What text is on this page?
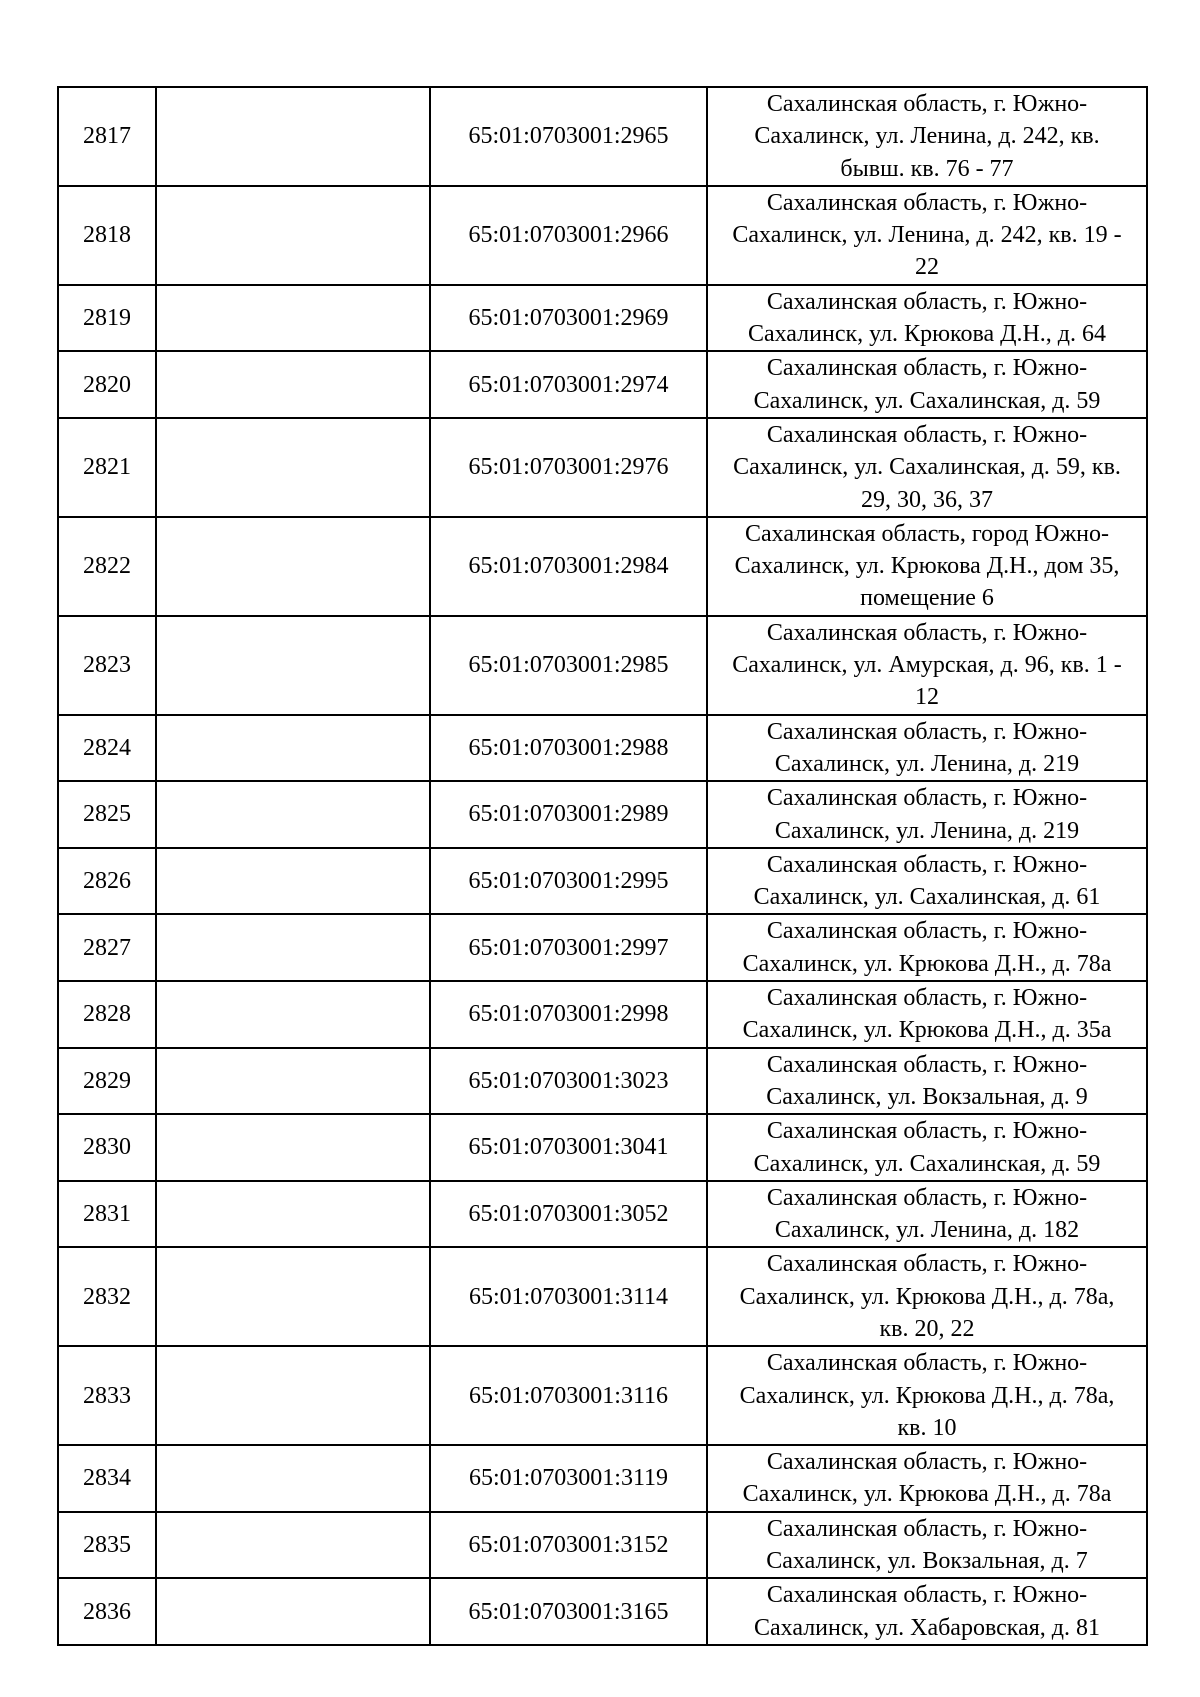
2817		65:01:0703001:2965	Сахалинская область, г. Южно-
Сахалинск, ул. Ленина, д. 242, кв.
бывш. кв. 76 - 77

2818		65:01:0703001:2966	Сахалинская область, г. Южно-
Сахалинск, ул. Ленина, д. 242, кв. 19 -
22

2819		65:01:0703001:2969	Сахалинская область, г. Южно-
Сахалинск, ул. Крюкова Д.Н., д. 64

2820		65:01:0703001:2974	Сахалинская область, г. Южно-
Сахалинск, ул. Сахалинская, д. 59

2821		65:01:0703001:2976	Сахалинская область, г. Южно-
Сахалинск, ул. Сахалинская, д. 59, кв.
29, 30, 36, 37

2822		65:01:0703001:2984	Сахалинская область, город Южно-
Сахалинск, ул. Крюкова Д.Н., дом 35,
помещение 6

2823		65:01:0703001:2985	Сахалинская область, г. Южно-
Сахалинск, ул. Амурская, д. 96, кв. 1 -
12

2824		65:01:0703001:2988	Сахалинская область, г. Южно-
Сахалинск, ул. Ленина, д. 219

2825		65:01:0703001:2989	Сахалинская область, г. Южно-
Сахалинск, ул. Ленина, д. 219

2826		65:01:0703001:2995	Сахалинская область, г. Южно-
Сахалинск, ул. Сахалинская, д. 61

2827		65:01:0703001:2997	Сахалинская область, г. Южно-
Сахалинск, ул. Крюкова Д.Н., д. 78а

2828		65:01:0703001:2998	Сахалинская область, г. Южно-
Сахалинск, ул. Крюкова Д.Н., д. 35а

2829		65:01:0703001:3023	Сахалинская область, г. Южно-
Сахалинск, ул. Вокзальная, д. 9

2830		65:01:0703001:3041	Сахалинская область, г. Южно-
Сахалинск, ул. Сахалинская, д. 59

2831		65:01:0703001:3052	Сахалинская область, г. Южно-
Сахалинск, ул. Ленина, д. 182

2832		65:01:0703001:3114	Сахалинская область, г. Южно-
Сахалинск, ул. Крюкова Д.Н., д. 78а,
кв. 20, 22

2833		65:01:0703001:3116	Сахалинская область, г. Южно-
Сахалинск, ул. Крюкова Д.Н., д. 78а,
кв. 10

2834		65:01:0703001:3119	Сахалинская область, г. Южно-
Сахалинск, ул. Крюкова Д.Н., д. 78а

2835		65:01:0703001:3152	Сахалинская область, г. Южно-
Сахалинск, ул. Вокзальная, д. 7

2836		65:01:0703001:3165	Сахалинская область, г. Южно-
Сахалинск, ул. Хабаровская, д. 81
